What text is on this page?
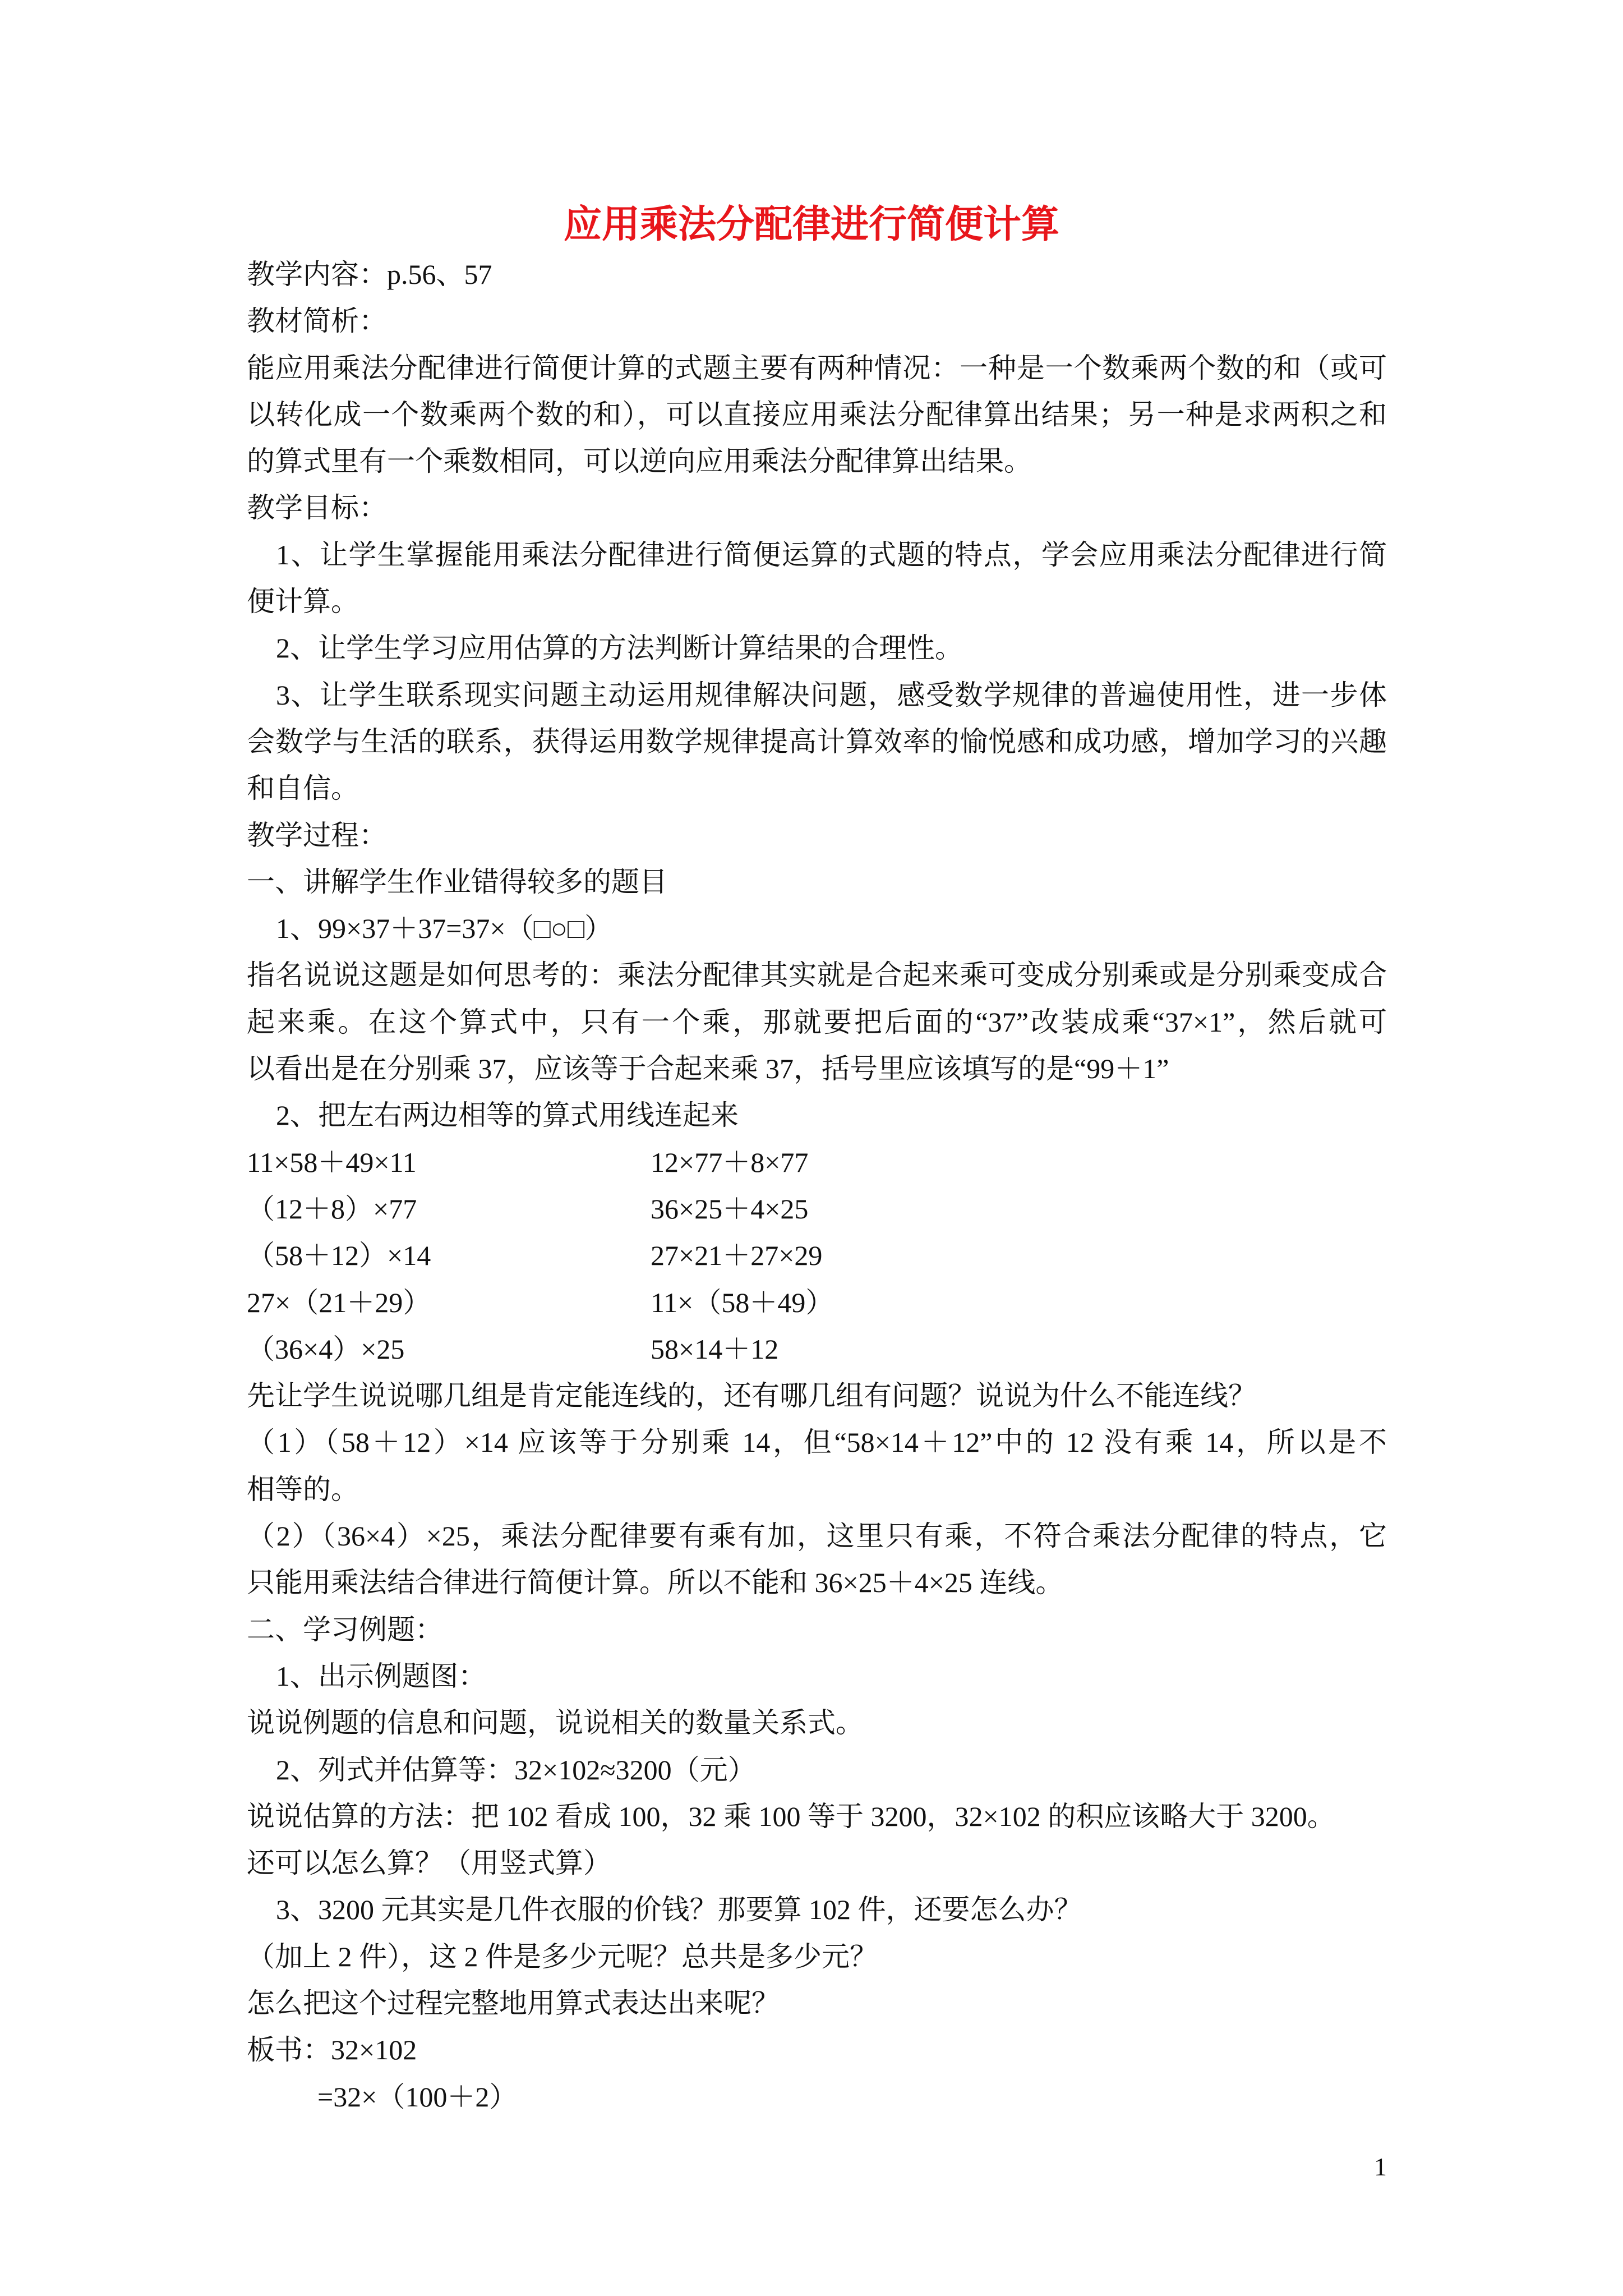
应用乘法分配律进行简便计算
教学内容：p.56、57
教材简析：
能应用乘法分配律进行简便计算的式题主要有两种情况：一种是一个数乘两个数的和（或可
以转化成一个数乘两个数的和），可以直接应用乘法分配律算出结果；另一种是求两积之和
的算式里有一个乘数相同，可以逆向应用乘法分配律算出结果。
教学目标：
1、让学生掌握能用乘法分配律进行简便运算的式题的特点，学会应用乘法分配律进行简
便计算。
2、让学生学习应用估算的方法判断计算结果的合理性。
3、让学生联系现实问题主动运用规律解决问题，感受数学规律的普遍使用性，进一步体
会数学与生活的联系，获得运用数学规律提高计算效率的愉悦感和成功感，增加学习的兴趣
和自信。
教学过程：
一、讲解学生作业错得较多的题目
1、99×37＋37=37×（□○□）
指名说说这题是如何思考的：乘法分配律其实就是合起来乘可变成分别乘或是分别乘变成合
起来乘。在这个算式中，只有一个乘，那就要把后面的“37”改装成乘“37×1”，然后就可
以看出是在分别乘 37，应该等于合起来乘 37，括号里应该填写的是“99＋1”
2、把左右两边相等的算式用线连起来
11×58＋49×11	12×77＋8×77
（12＋8）×77	36×25＋4×25
（58＋12）×14	27×21＋27×29
27×（21＋29）	11×（58＋49）
（36×4）×25	58×14＋12
先让学生说说哪几组是肯定能连线的，还有哪几组有问题？说说为什么不能连线？
（1）（58＋12）×14 应该等于分别乘 14，但“58×14＋12”中的 12 没有乘 14，所以是不
相等的。
（2）（36×4）×25，乘法分配律要有乘有加，这里只有乘，不符合乘法分配律的特点，它
只能用乘法结合律进行简便计算。所以不能和 36×25＋4×25 连线。
二、学习例题：
1、出示例题图：
说说例题的信息和问题，说说相关的数量关系式。
2、列式并估算等：32×102≈3200（元）
说说估算的方法：把 102 看成 100，32 乘 100 等于 3200，32×102 的积应该略大于 3200。
还可以怎么算？（用竖式算）
3、3200 元其实是几件衣服的价钱？那要算 102 件，还要怎么办？
（加上 2 件），这 2 件是多少元呢？总共是多少元？
怎么把这个过程完整地用算式表达出来呢？
板书：32×102
=32×（100＋2）
1
